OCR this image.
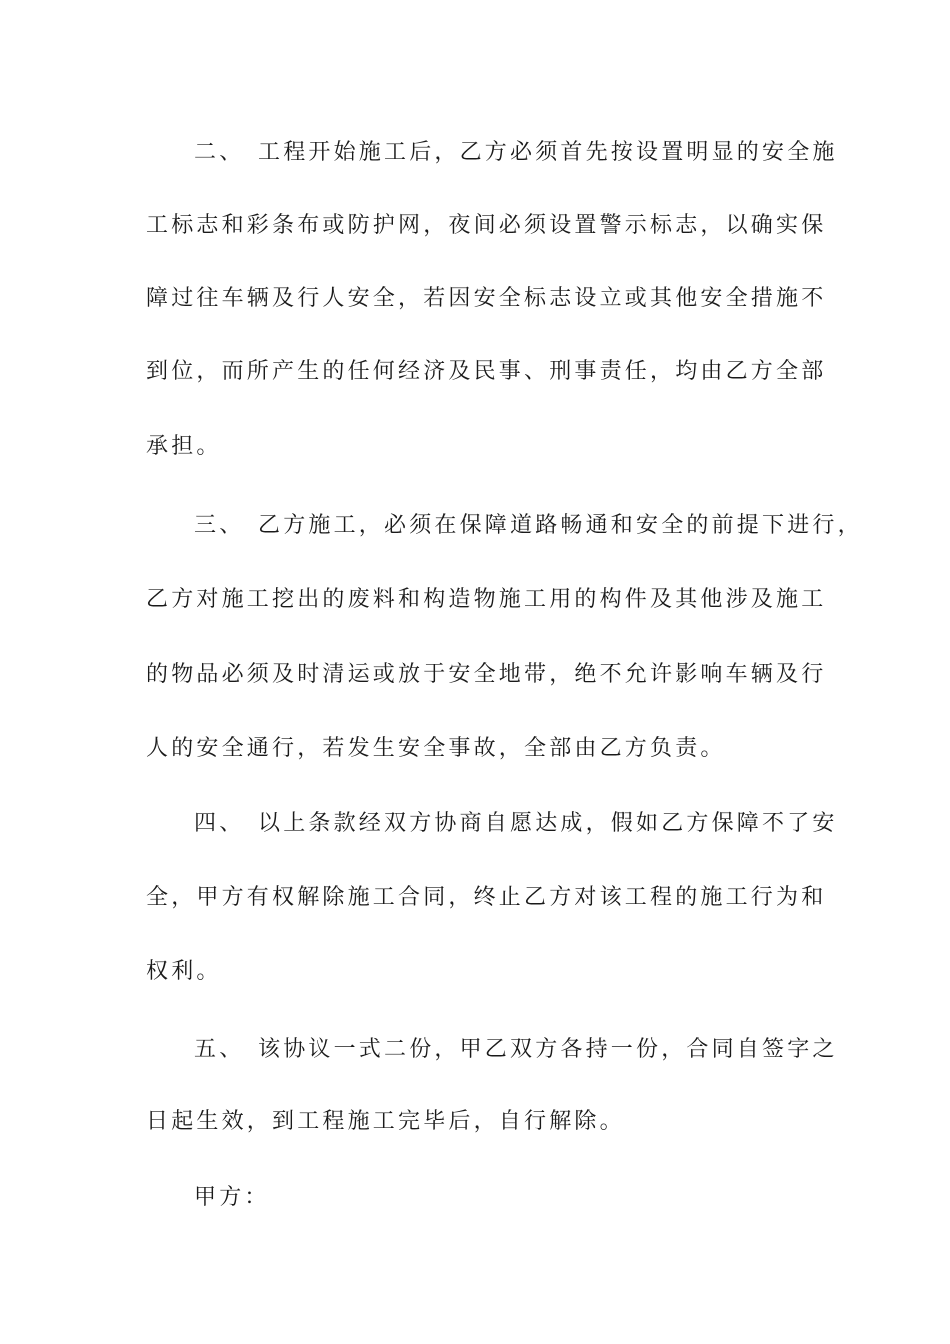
二、 工程开始施工后，乙方必须首先按设置明显的安全施
工标志和彩条布或防护网，夜间必须设置警示标志，以确实保
障过往车辆及行人安全，若因安全标志设立或其他安全措施不
到位，而所产生的任何经济及民事、刑事责任，均由乙方全部
承担。
三、 乙方施工，必须在保障道路畅通和安全的前提下进行，
乙方对施工挖出的废料和构造物施工用的构件及其他涉及施工
的物品必须及时清运或放于安全地带，绝不允许影响车辆及行
人的安全通行，若发生安全事故，全部由乙方负责。
四、 以上条款经双方协商自愿达成，假如乙方保障不了安
全，甲方有权解除施工合同，终止乙方对该工程的施工行为和
权利。
五、 该协议一式二份，甲乙双方各持一份，合同自签字之
日起生效，到工程施工完毕后，自行解除。
甲方：
